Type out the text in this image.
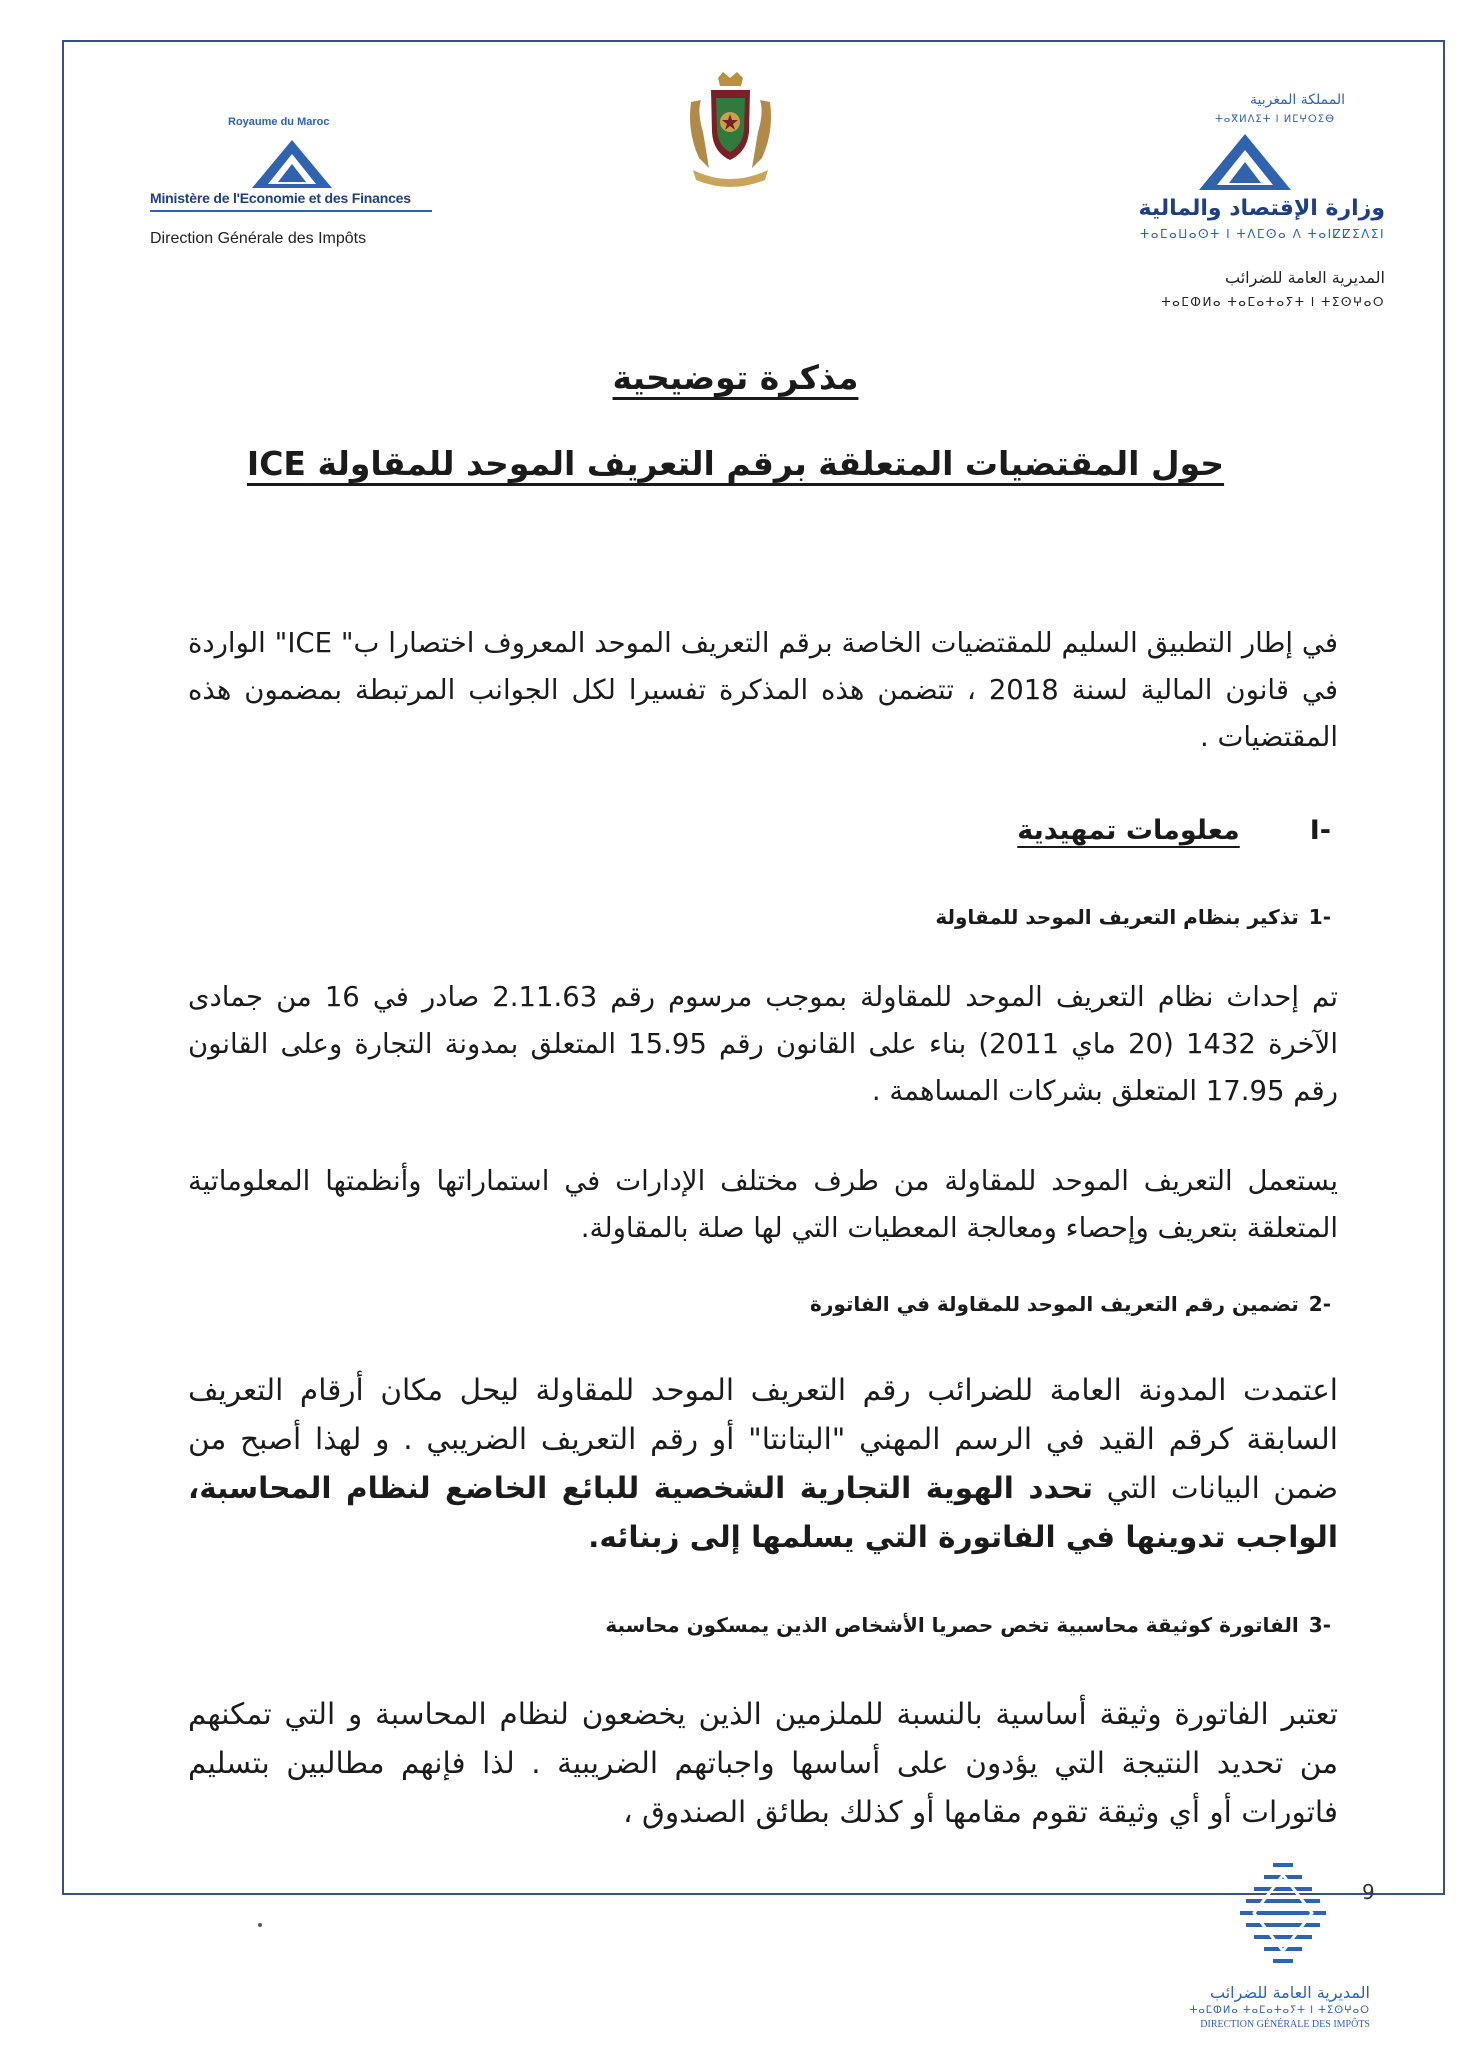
Royaume du Maroc
Ministère de l'Economie et des Finances
Direction Générale des Impôts
المملكة المغربية
ⵜⴰⴳⵍⴷⵉⵜ ⵏ ⵍⵎⵖⵔⵉⴱ
وزارة الإقتصاد والمالية
ⵜⴰⵎⴰⵡⴰⵙⵜ ⵏ ⵜⴷⵎⵙⴰ ⴷ ⵜⴰⵏⵇⵇⵉⴷⵉⵏ
المديرية العامة للضرائب
ⵜⴰⵎⵀⵍⴰ ⵜⴰⵎⴰⵜⴰⵢⵜ ⵏ ⵜⵉⵙⵖⴰⵔ
مذكرة توضيحية
حول المقتضيات المتعلقة برقم التعريف الموحد للمقاولة ICE
في إطار التطبيق السليم للمقتضيات الخاصة برقم التعريف الموحد المعروف اختصارا ب" ICE" الواردة في قانون المالية لسنة 2018 ، تتضمن هذه المذكرة تفسيرا لكل الجوانب المرتبطة بمضمون هذه المقتضيات .
-Iمعلومات تمهيدية
-1تذكير بنظام التعريف الموحد للمقاولة
تم إحداث نظام التعريف الموحد للمقاولة بموجب مرسوم رقم 2.11.63 صادر في 16 من جمادى الآخرة 1432 (20 ماي 2011) بناء على القانون رقم 15.95 المتعلق بمدونة التجارة وعلى القانون رقم 17.95 المتعلق بشركات المساهمة .
يستعمل التعريف الموحد للمقاولة من طرف مختلف الإدارات في استماراتها وأنظمتها المعلوماتية المتعلقة بتعريف وإحصاء ومعالجة المعطيات التي لها صلة بالمقاولة.
-2تضمين رقم التعريف الموحد للمقاولة في الفاتورة
اعتمدت المدونة العامة للضرائب رقم التعريف الموحد للمقاولة ليحل مكان أرقام التعريف السابقة كرقم القيد في الرسم المهني "البتانتا" أو رقم التعريف الضريبي . و لهذا أصبح من ضمن البيانات التي تحدد الهوية التجارية الشخصية للبائع الخاضع لنظام المحاسبة، الواجب تدوينها في الفاتورة التي يسلمها إلى زبنائه.
-3الفاتورة كوثيقة محاسبية تخص حصريا الأشخاص الذين يمسكون محاسبة
تعتبر الفاتورة وثيقة أساسية بالنسبة للملزمين الذين يخضعون لنظام المحاسبة و التي تمكنهم من تحديد النتيجة التي يؤدون على أساسها واجباتهم الضريبية . لذا فإنهم مطالبين بتسليم فاتورات أو أي وثيقة تقوم مقامها أو كذلك بطائق الصندوق ،
المديرية العامة للضرائب
ⵜⴰⵎⵀⵍⴰ ⵜⴰⵎⴰⵜⴰⵢⵜ ⵏ ⵜⵉⵙⵖⴰⵔ
DIRECTION GÉNÉRALE DES IMPÔTS
9
